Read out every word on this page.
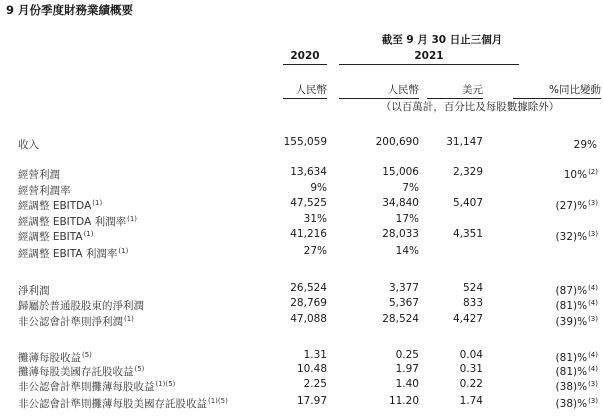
9 月份季度財務業績概要
截至 9 月 30 日止三個月
2020	2021
人民幣	人民幣	美元	%同比變動
（以百萬計，百分比及每股數據除外）
收入	155,059	200,690	31,147	29%
經營利潤	13,634	15,006	2,329	10%$^{(2)}$
經營利潤率	9%	7%
經調整 EBITDA$^{(1)}$	47,525	34,840	5,407	(27)%$^{(3)}$
經調整 EBITDA 利潤率$^{(1)}$	31%	17%
經調整 EBITA$^{(1)}$	41,216	28,033	4,351	(32)%$^{(3)}$
經調整 EBITA 利潤率$^{(1)}$	27%	14%
淨利潤	26,524	3,377	524	(87)%$^{(4)}$
歸屬於普通股股東的淨利潤	28,769	5,367	833	(81)%$^{(4)}$
非公認會計準則淨利潤$^{(1)}$	47,088	28,524	4,427	(39)%$^{(3)}$
攤薄每股收益$^{(5)}$	1.31	0.25	0.04	(81)%$^{(4)}$
攤薄每股美國存託股收益$^{(5)}$	10.48	1.97	0.31	(81)%$^{(4)}$
非公認會計準則攤薄每股收益$^{(1)(5)}$	2.25	1.40	0.22	(38)%$^{(3)}$
非公認會計準則攤薄每股美國存託股收益$^{(1)(5)}$	17.97	11.20	1.74	(38)%$^{(3)}$
